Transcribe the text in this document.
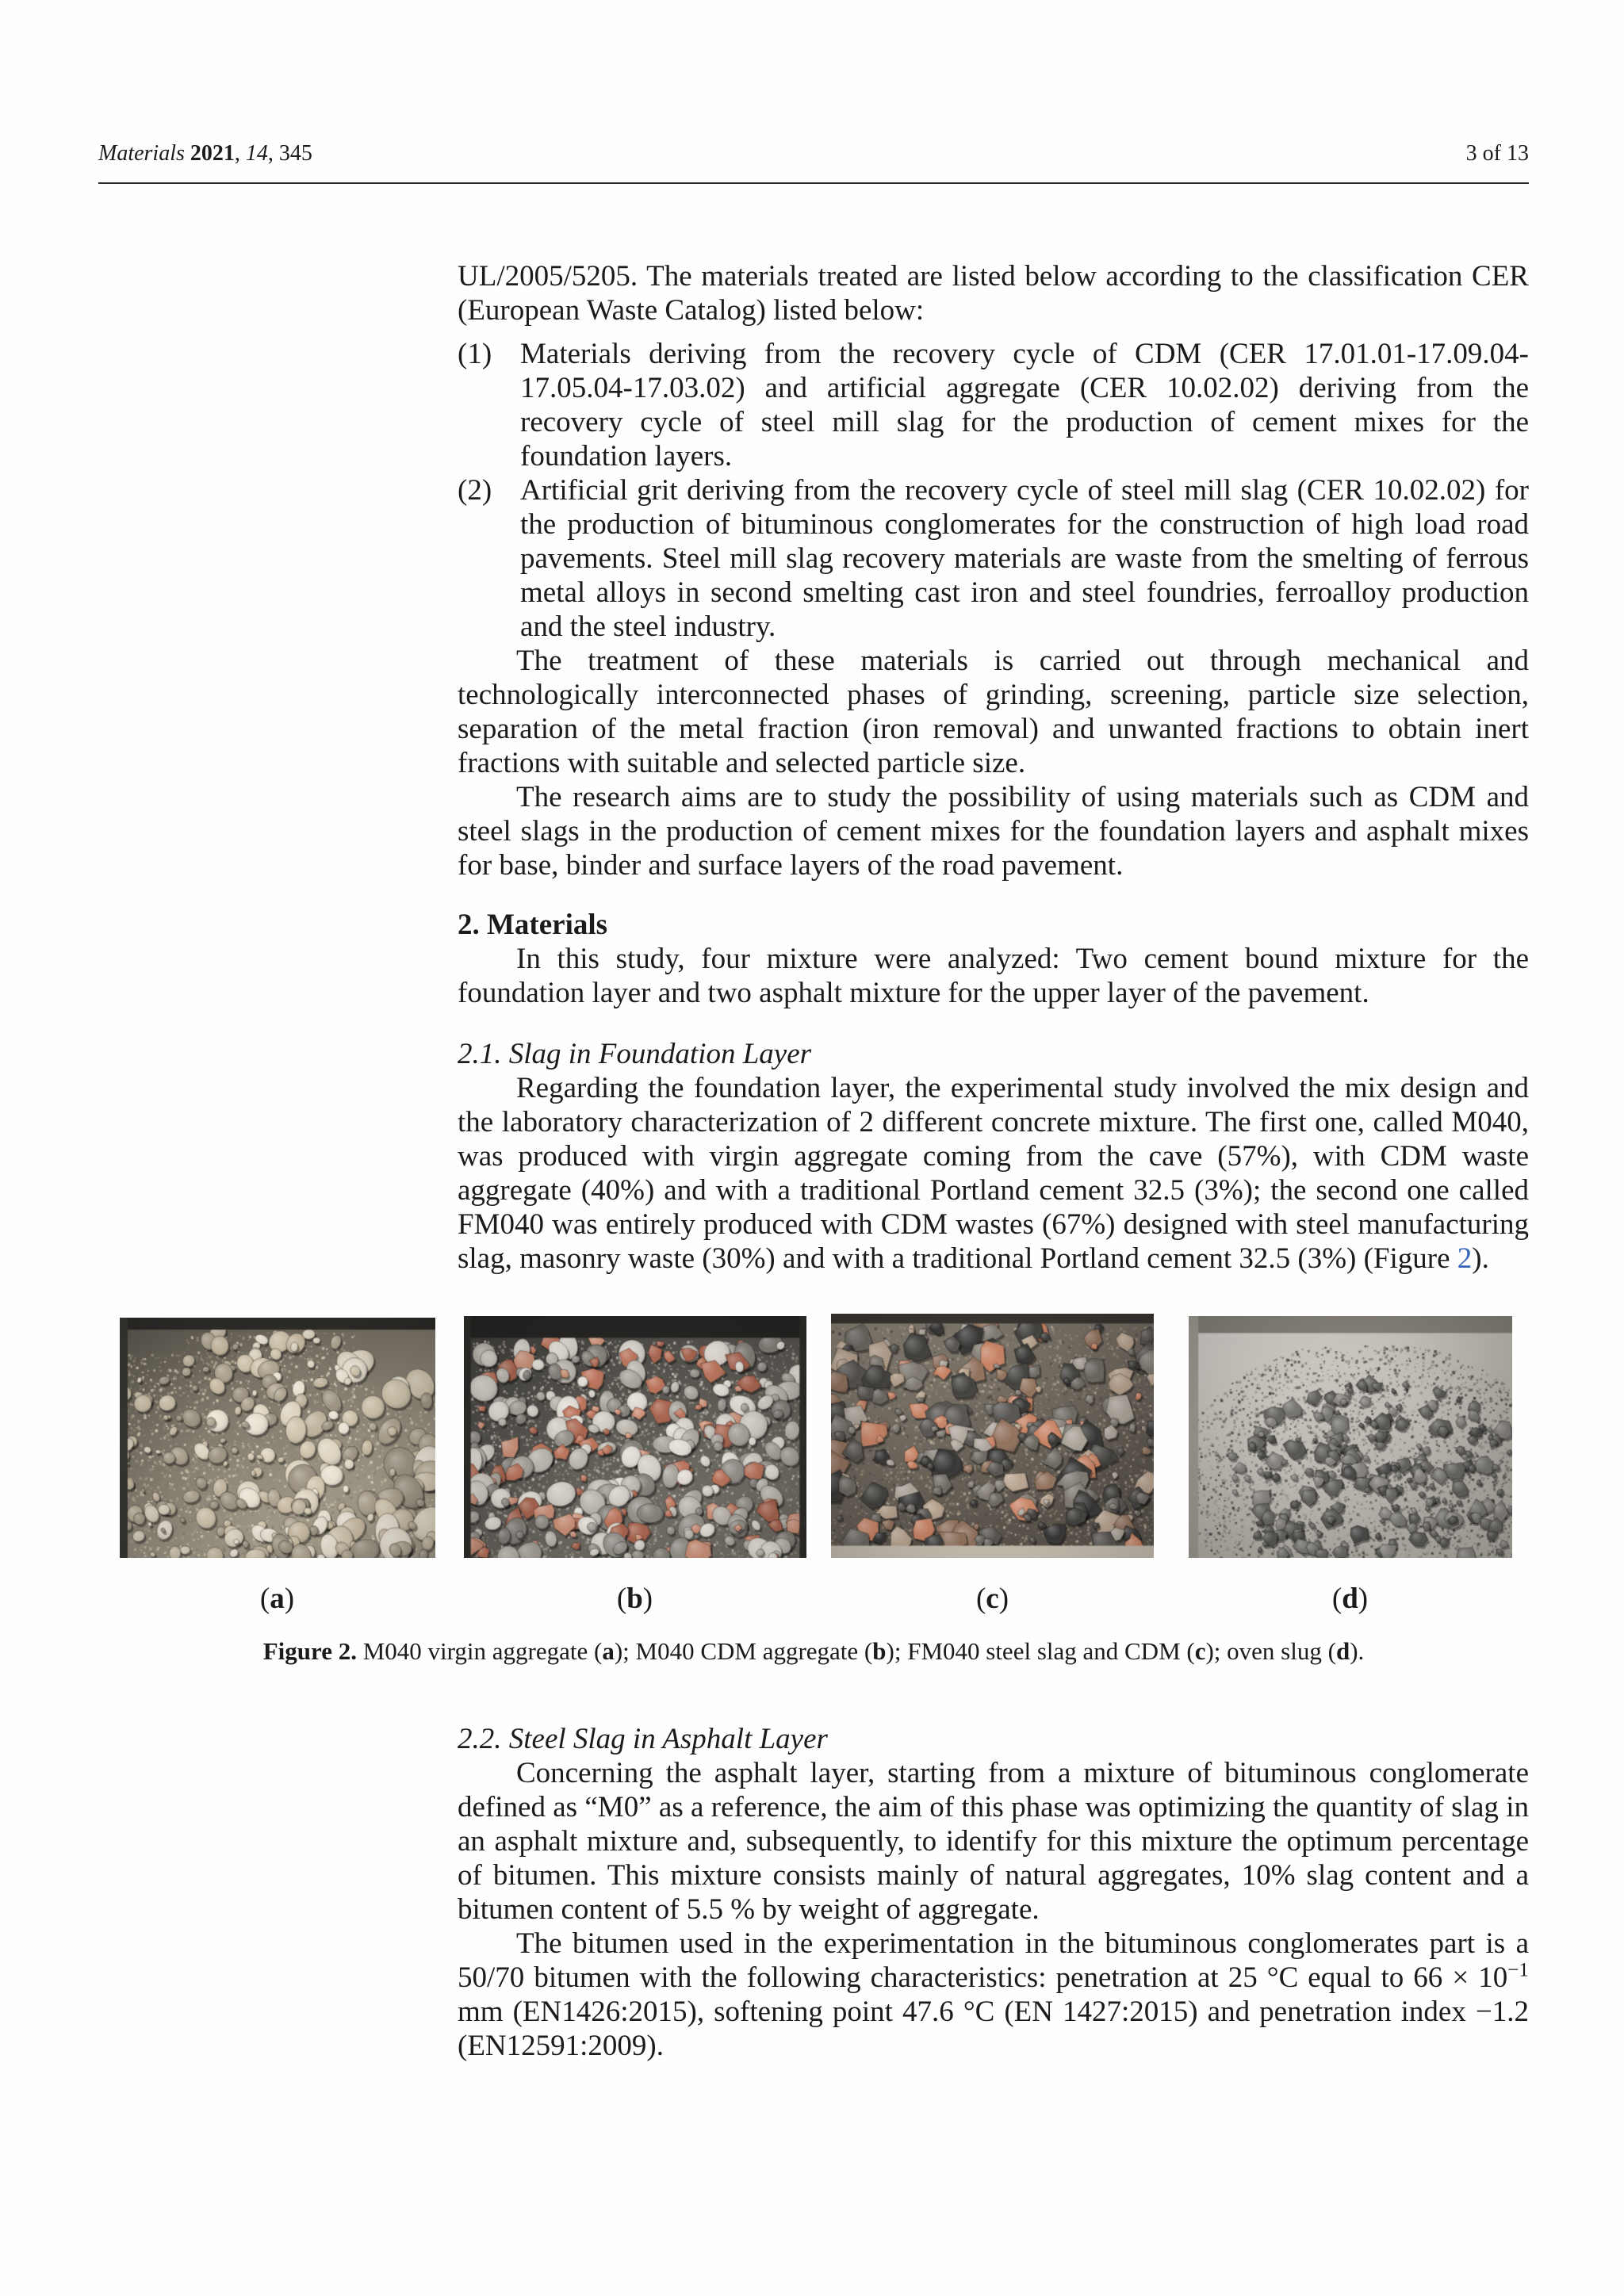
Materials 2021, 14, 345	3 of 13

UL/2005/5205. The materials treated are listed below according to the classification CER (European Waste Catalog) listed below:

(1) Materials deriving from the recovery cycle of CDM (CER 17.01.01-17.09.04-17.05.04-17.03.02) and artificial aggregate (CER 10.02.02) deriving from the recovery cycle of steel mill slag for the production of cement mixes for the foundation layers.
(2) Artificial grit deriving from the recovery cycle of steel mill slag (CER 10.02.02) for the production of bituminous conglomerates for the construction of high load road pavements. Steel mill slag recovery materials are waste from the smelting of ferrous metal alloys in second smelting cast iron and steel foundries, ferroalloy production and the steel industry.

The treatment of these materials is carried out through mechanical and technologically interconnected phases of grinding, screening, particle size selection, separation of the metal fraction (iron removal) and unwanted fractions to obtain inert fractions with suitable and selected particle size.

The research aims are to study the possibility of using materials such as CDM and steel slags in the production of cement mixes for the foundation layers and asphalt mixes for base, binder and surface layers of the road pavement.

2. Materials

In this study, four mixture were analyzed: Two cement bound mixture for the foundation layer and two asphalt mixture for the upper layer of the pavement.

2.1. Slag in Foundation Layer

Regarding the foundation layer, the experimental study involved the mix design and the laboratory characterization of 2 different concrete mixture. The first one, called M040, was produced with virgin aggregate coming from the cave (57%), with CDM waste aggregate (40%) and with a traditional Portland cement 32.5 (3%); the second one called FM040 was entirely produced with CDM wastes (67%) designed with steel manufacturing slag, masonry waste (30%) and with a traditional Portland cement 32.5 (3%) (Figure 2).

(a)	(b)	(c)	(d)
Figure 2. M040 virgin aggregate (a); M040 CDM aggregate (b); FM040 steel slag and CDM (c); oven slug (d).
2.2. Steel Slag in Asphalt Layer

Concerning the asphalt layer, starting from a mixture of bituminous conglomerate defined as “M0” as a reference, the aim of this phase was optimizing the quantity of slag in an asphalt mixture and, subsequently, to identify for this mixture the optimum percentage of bitumen. This mixture consists mainly of natural aggregates, 10% slag content and a bitumen content of 5.5 % by weight of aggregate.

The bitumen used in the experimentation in the bituminous conglomerates part is a 50/70 bitumen with the following characteristics: penetration at 25 °C equal to $66 \times 10^{-1}$ mm (EN1426:2015), softening point 47.6 °C (EN 1427:2015) and penetration index −1.2 (EN12591:2009).
